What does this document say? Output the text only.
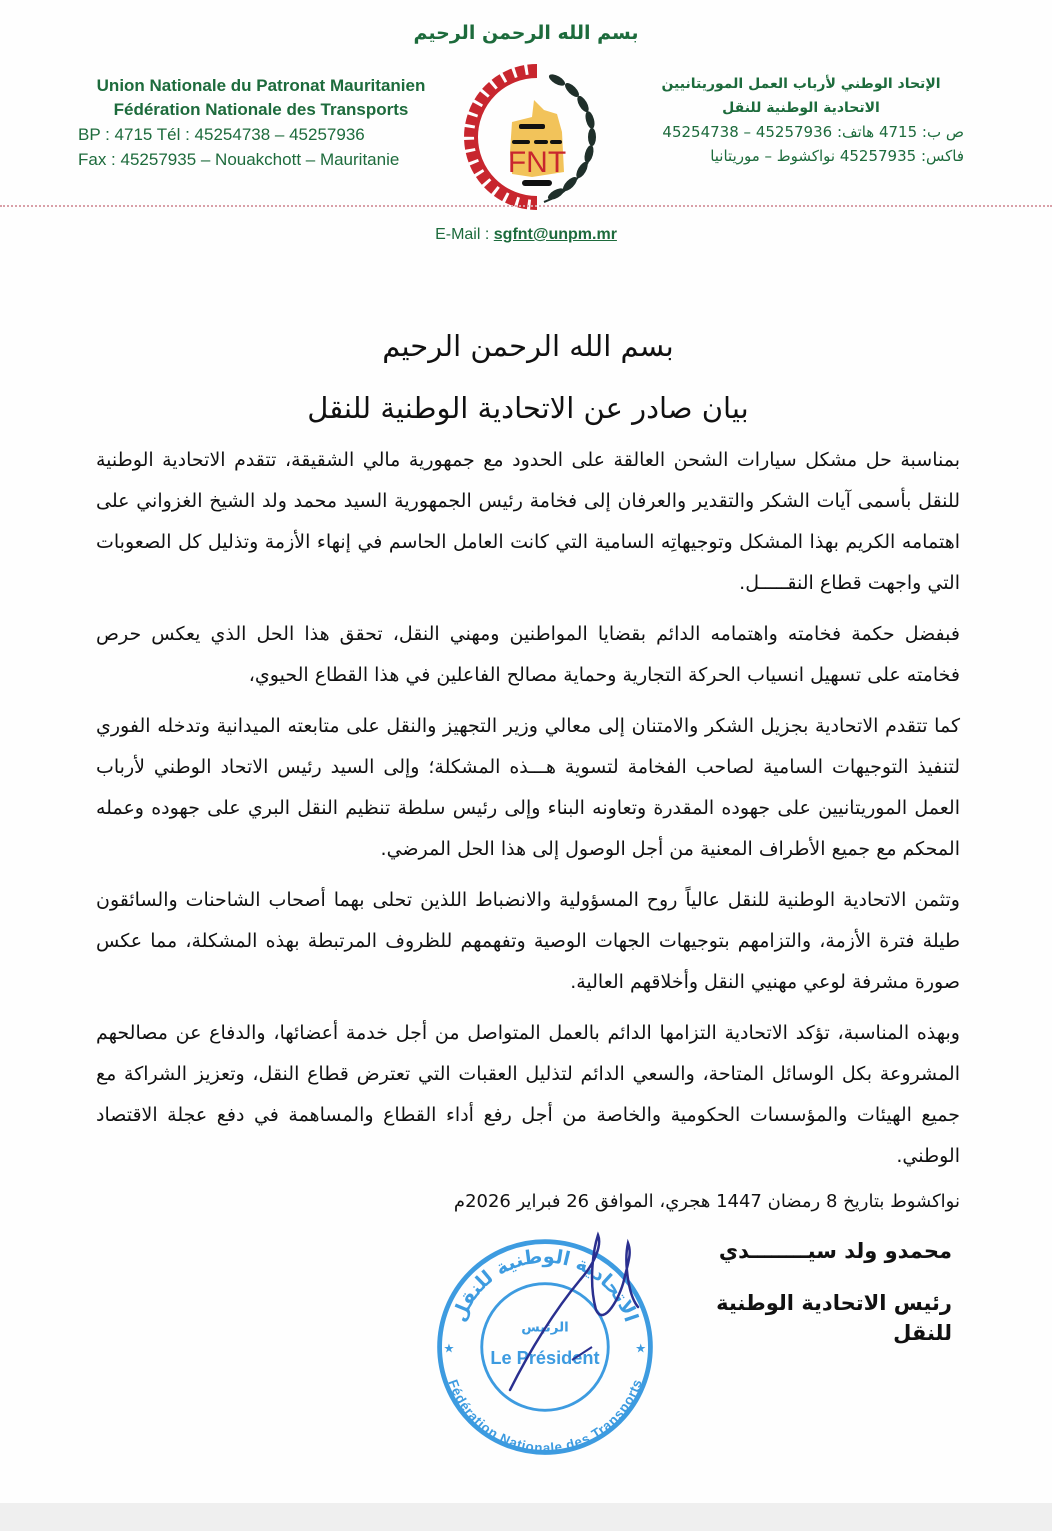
بسم الله الرحمن الرحيم
Union Nationale du Patronat Mauritanien
Fédération Nationale des Transports
BP : 4715 Tél : 45254738 – 45257936
Fax : 45257935 – Nouakchott – Mauritanie	FNT
الإتحاد الوطني لأرباب العمل الموريتانيين
الاتحادية الوطنية للنقل
ص ب: 4715 هاتف: 45257936 – 45254738
فاكس: 45257935 نواكشوط – موريتانيا
E-Mail : sgfnt@unpm.mr
بسم الله الرحمن الرحيم
بيان صادر عن الاتحادية الوطنية للنقل

بمناسبة حل مشكل سيارات الشحن العالقة على الحدود مع جمهورية مالي الشقيقة، تتقدم الاتحادية الوطنية للنقل بأسمى آيات الشكر والتقدير والعرفان إلى فخامة رئيس الجمهورية السيد محمد ولد الشيخ الغزواني على اهتمامه الكريم بهذا المشكل وتوجيهاتِه السامية التي كانت العامل الحاسم في إنهاء الأزمة وتذليل كل الصعوبات التي واجهت قطاع النقـــــل.

فبفضل حكمة فخامته واهتمامه الدائم بقضايا المواطنين ومهني النقل، تحقق هذا الحل الذي يعكس حرص فخامته على تسهيل انسياب الحركة التجارية وحماية مصالح الفاعلين في هذا القطاع الحيوي،

كما تتقدم الاتحادية بجزيل الشكر والامتنان إلى معالي وزير التجهيز والنقل على متابعته الميدانية وتدخله الفوري لتنفيذ التوجيهات السامية لصاحب الفخامة لتسوية هـــذه المشكلة؛ وإلى السيد رئيس الاتحاد الوطني لأرباب العمل الموريتانيين على جهوده المقدرة وتعاونه البناء وإلى رئيس سلطة تنظيم النقل البري على جهوده وعمله المحكم مع جميع الأطراف المعنية من أجل الوصول إلى هذا الحل المرضي.

وتثمن الاتحادية الوطنية للنقل عالياً روح المسؤولية والانضباط اللذين تحلى بهما أصحاب الشاحنات والسائقون طيلة فترة الأزمة، والتزامهم بتوجيهات الجهات الوصية وتفهمهم للظروف المرتبطة بهذه المشكلة، مما عكس صورة مشرفة لوعي مهنيي النقل وأخلاقهم العالية.

وبهذه المناسبة، تؤكد الاتحادية التزامها الدائم بالعمل المتواصل من أجل خدمة أعضائها، والدفاع عن مصالحهم المشروعة بكل الوسائل المتاحة، والسعي الدائم لتذليل العقبات التي تعترض قطاع النقل، وتعزيز الشراكة مع جميع الهيئات والمؤسسات الحكومية والخاصة من أجل رفع أداء القطاع والمساهمة في دفع عجلة الاقتصاد الوطني.

نواكشوط بتاريخ 8 رمضان 1447 هجري، الموافق 26 فبراير 2026م
الاتحادية الوطنية للنقل
Fédération Nationale des Transports
★	★
الرئيس
Le Président
محمدو ولد سيــــــــدي
رئيس الاتحادية الوطنية للنقل
